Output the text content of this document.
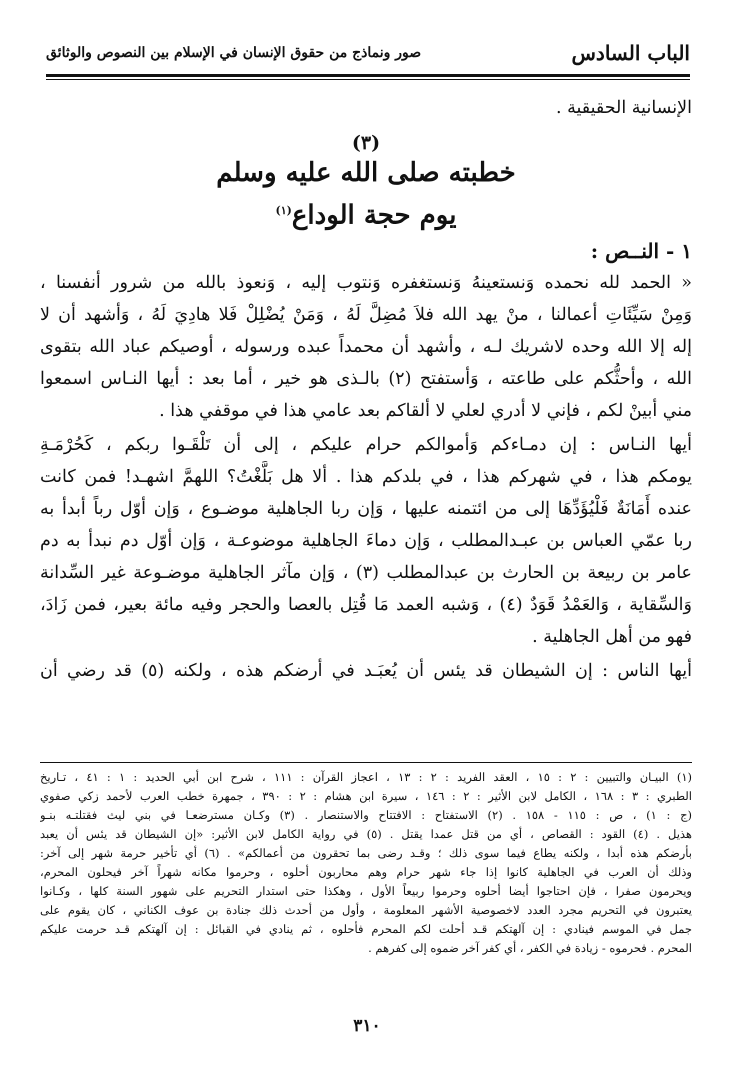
الباب السادس
صور ونماذج من حقوق الإنسان في الإسلام بين النصوص والوثائق
الإنسانية الحقيقية .
(٣)
خطبته صلى الله عليه وسلم
يوم حجة الوداع$^{(١)}$
١ - النــص :
« الحمد لله نحمده وَنستعينهُ وَنستغفره وَنتوب إليه ، وَنعوذ بالله من شرور أنفسنا ،
وَمِنْ سَيِّئَاتِ أعمالنا ، منْ يهد الله فلاَ مُضِلَّ لَهُ ، وَمَنْ يُضْلِلْ فَلا هادِيَ لَهُ ، وَأشهد أن لا
إله إلا الله وحده لاشريك لـه ، وأشهد أن محمداً عبده ورسوله ، أوصيكم عباد الله بتقوى
الله ، وأحثُّكم على طاعته ، وَأستفتح (٢) بالـذى هو خير ، أما بعد : أيها النـاس اسمعوا
مني أبينْ لكم ، فإني لا أدري لعلي لا ألقاكم بعد عامي هذا في موقفي هذا .
أيها النـاس : إن دمـاءكم وَأموالكم حرام عليكم ، إلى أن تَلْقَـوا ربكم ، كَحُرْمَـةِ
يومكم هذا ، في شهركم هذا ، في بلدكم هذا . ألا هل بَلَّغْتُ؟ اللهمَّ اشهـد! فمن كانت
عنده أَمَانَةٌ فَلْيُؤَدِّهَا إلى من ائتمنه عليها ، وَإن ربا الجاهلية موضـوع ، وَإن أوّل رباً أبدأ به
ربا عمّي العباس بن عبـدالمطلب ، وَإن دماءَ الجاهلية موضوعـة ، وَإن أوّل دم نبدأ به دم
عامر بن ربيعة بن الحارث بن عبدالمطلب (٣) ، وَإن مآثر الجاهلية موضـوعة غير السِّدانة
وَالسِّقاية ، وَالعَمْدُ قَوَدٌ (٤) ، وَشبه العمد مَا قُتِل بالعصا والحجر وفيه مائة بعير، فمن زَادَ،
فهو من أهل الجاهلية .
أيها الناس : إن الشيطان قد يئس أن يُعبَـد في أرضكم هذه ، ولكنه (٥) قد رضي أن
(١) البيـان والتبيين : ٢ : ١٥ ، العقد الفريد : ٢ : ١٣ ، اعجاز القرآن : ١١١ ، شرح ابن أبي الحديد : ١ : ٤١ ، تـاريخ
الطبري : ٣ : ١٦٨ ، الكامل لابن الأثير : ٢ : ١٤٦ ، سيرة ابن هشام : ٢ : ٣٩٠ ، جمهرة خطب العرب لأحمد زكي صفوي
(ج : ١) ، ص : ١١٥ - ١٥٨ . (٢) الاستفتاح : الافتتاح والاستنصار . (٣) وكـان مسترضعـا في بني ليث فقتلتـه بنـو
هذيل . (٤) القود : القصاص ، أي من قتل عمدا يقتل . (٥) في رواية الكامل لابن الأثير: «إن الشيطان قد يئس أن يعبد
بأرضكم هذه أبدا ، ولكنه يطاع فيما سوى ذلك ؛ وقـد رضى بما تحقرون من أعمالكم» . (٦) أي تأخير حرمة شهر إلى آخر:
وذلك أن العرب في الجاهلية كانوا إذا جاء شهر حرام وهم محاربون أحلوه ، وحرموا مكانه شهراً آخر فيحلون المحرم،
ويحرمون صفرا ، فإن احتاجوا أيضا أحلوه وحرموا ربيعاً الأول ، وهكذا حتى استدار التحريم على شهور السنة كلها ، وكـانوا
يعتبرون في التحريم مجرد العدد لاخصوصية الأشهر المعلومة ، وأول من أحدث ذلك جنادة بن عوف الكناني ، كان يقوم على
جمل في الموسم فينادي : إن آلهتكم قـد أحلت لكم المحرم فأحلوه ، ثم ينادي في القبائل : إن آلهتكم قـد حرمت عليكم
المحرم . فحرموه - زيادة في الكفر ، أي كفر آخر ضموه إلى كفرهم .
٣١٠
